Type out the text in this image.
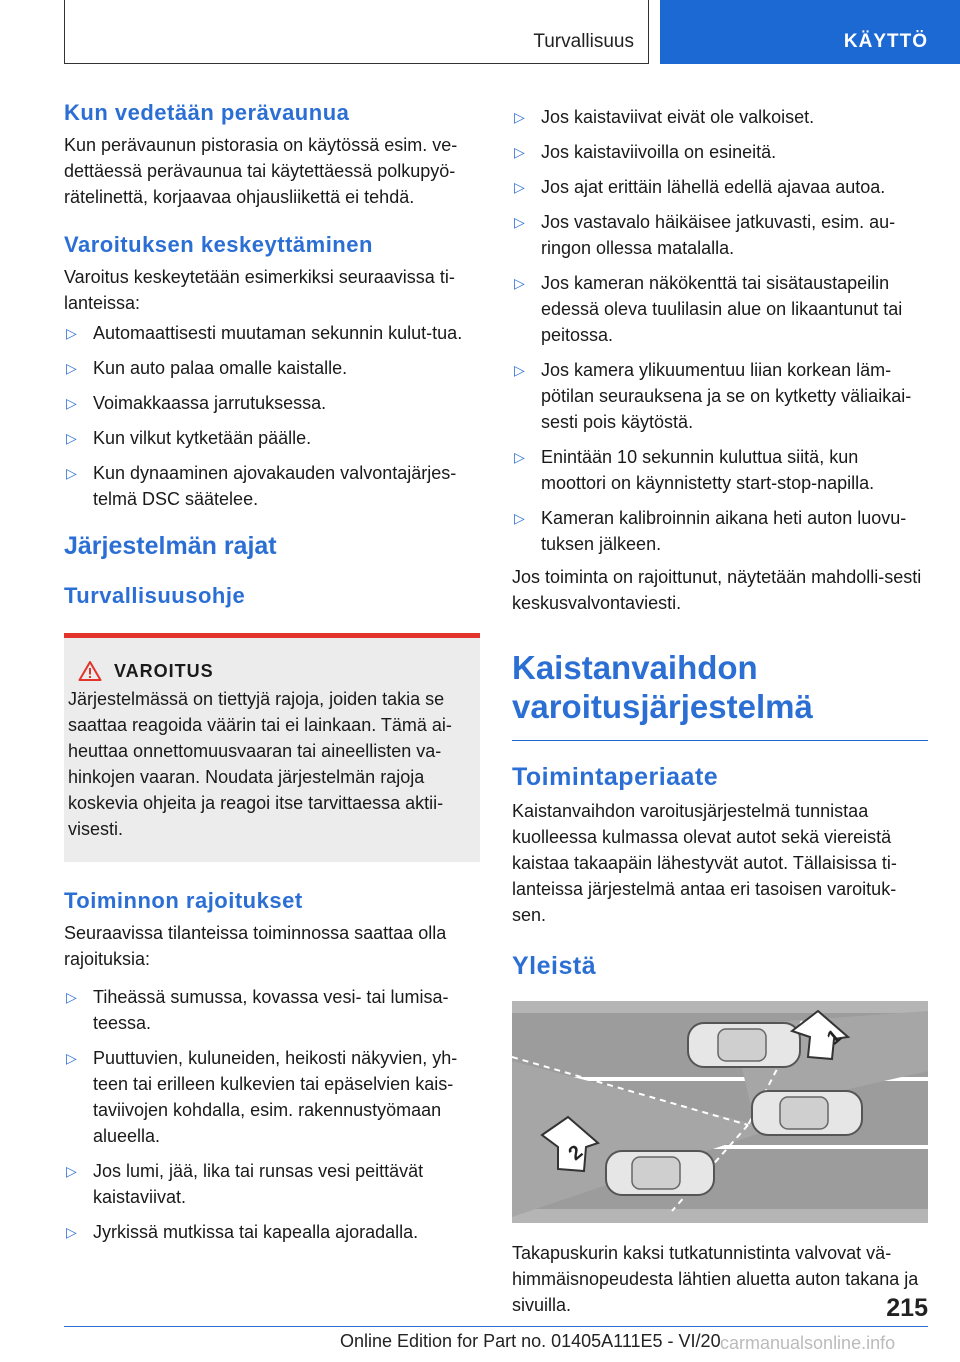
Turvallisuus	KÄYTTÖ
Kun vedetään perävaunua

Kun perävaunun pistorasia on käytössä esim. ve-dettäessä perävaunua tai käytettäessä polkupyö-rätelinettä, korjaavaa ohjausliikettä ei tehdä.

Varoituksen keskeyttäminen

Varoitus keskeytetään esimerkiksi seuraavissa ti-lanteissa:

▷ Automaattisesti muutaman sekunnin kulut-tua.
▷ Kun auto palaa omalle kaistalle.
▷ Voimakkaassa jarrutuksessa.
▷ Kun vilkut kytketään päälle.
▷ Kun dynaaminen ajovakauden valvontajärjes-telmä DSC säätelee.
Järjestelmän rajat
Turvallisuusohje
VAROITUS

Järjestelmässä on tiettyjä rajoja, joiden takia se saattaa reagoida väärin tai ei lainkaan. Tämä ai-heuttaa onnettomuusvaaran tai aineellisten va-hinkojen vaaran. Noudata järjestelmän rajoja koskevia ohjeita ja reagoi itse tarvittaessa aktii-visesti.

Toiminnon rajoitukset

Seuraavissa tilanteissa toiminnossa saattaa olla rajoituksia:

▷ Tiheässä sumussa, kovassa vesi- tai lumisa-teessa.
▷ Puuttuvien, kuluneiden, heikosti näkyvien, yh-teen tai erilleen kulkevien tai epäselvien kais-taviivojen kohdalla, esim. rakennustyömaan alueella.
▷ Jos lumi, jää, lika tai runsas vesi peittävät kaistaviivat.
▷ Jyrkissä mutkissa tai kapealla ajoradalla.
▷ Jos kaistaviivat eivät ole valkoiset.
▷ Jos kaistaviivoilla on esineitä.
▷ Jos ajat erittäin lähellä edellä ajavaa autoa.
▷ Jos vastavalo häikäisee jatkuvasti, esim. au-ringon ollessa matalalla.
▷ Jos kameran näkökenttä tai sisätaustapeilin edessä oleva tuulilasin alue on likaantunut tai peitossa.
▷ Jos kamera ylikuumentuu liian korkean läm-pötilan seurauksena ja se on kytketty väliaikai-sesti pois käytöstä.
▷ Enintään 10 sekunnin kuluttua siitä, kun moottori on käynnistetty start-stop-napilla.
▷ Kameran kalibroinnin aikana heti auton luovu-tuksen jälkeen.

Jos toiminta on rajoittunut, näytetään mahdolli-sesti keskusvalvontaviesti.

Kaistanvaihdon
varoitusjärjestelmä
Toimintaperiaate

Kaistanvaihdon varoitusjärjestelmä tunnistaa kuolleessa kulmassa olevat autot sekä viereistä kaistaa takaapäin lähestyvät autot. Tällaisissa ti-lanteissa järjestelmä antaa eri tasoisen varoituk-sen.

Yleistä
1
2

Takapuskurin kaksi tutkatunnistinta valvovat vä-himmäisnopeudesta lähtien aluetta auton takana ja sivuilla.	215
Online Edition for Part no. 01405A111E5 - VI/20 carmanualsonline.info
